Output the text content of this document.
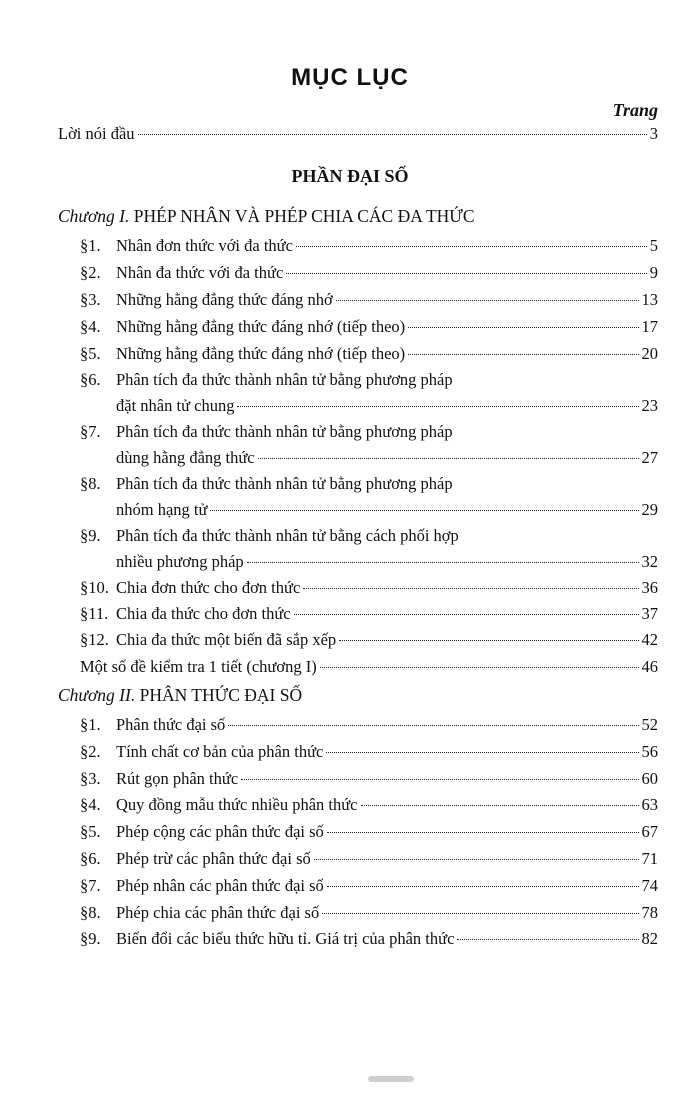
MỤC LỤC
Trang
Lời nói đầu	3
PHẦN ĐẠI SỐ
Chương I. PHÉP NHÂN VÀ PHÉP CHIA CÁC ĐA THỨC
§1. Nhân đơn thức với đa thức	5
§2. Nhân đa thức với đa thức	9
§3. Những hằng đẳng thức đáng nhớ	13
§4. Những hằng đẳng thức đáng nhớ (tiếp theo)	17
§5. Những hằng đẳng thức đáng nhớ (tiếp theo)	20
§6. Phân tích đa thức thành nhân tử bằng phương pháp
đặt nhân tử chung	23
§7. Phân tích đa thức thành nhân tử bằng phương pháp
dùng hằng đẳng thức	27
§8. Phân tích đa thức thành nhân tử bằng phương pháp
nhóm hạng tử	29
§9. Phân tích đa thức thành nhân tử bằng cách phối hợp
nhiều phương pháp	32
§10. Chia đơn thức cho đơn thức	36
§11. Chia đa thức cho đơn thức	37
§12. Chia đa thức một biến đã sắp xếp	42
Một số đề kiểm tra 1 tiết (chương I)	46
Chương II. PHÂN THỨC ĐẠI SỐ
§1. Phân thức đại số	52
§2. Tính chất cơ bản của phân thức	56
§3. Rút gọn phân thức	60
§4. Quy đồng mẫu thức nhiều phân thức	63
§5. Phép cộng các phân thức đại số	67
§6. Phép trừ các phân thức đại số	71
§7. Phép nhân các phân thức đại số	74
§8. Phép chia các phân thức đại số	78
§9. Biến đổi các biểu thức hữu tỉ. Giá trị của phân thức	82
